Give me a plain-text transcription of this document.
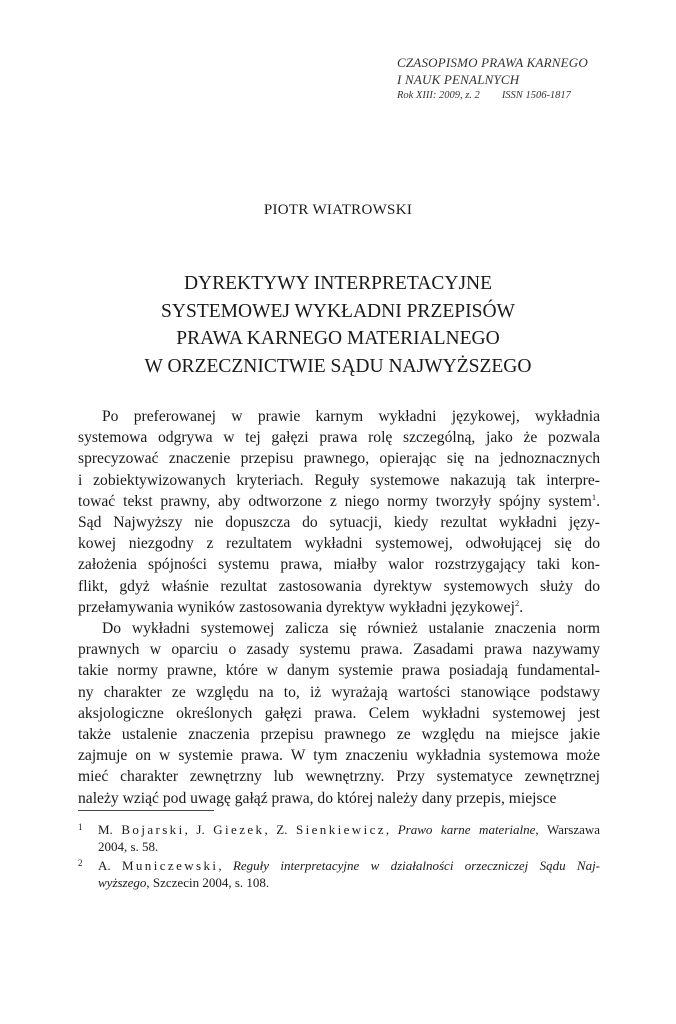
CZASOPISMO PRAWA KARNEGO
I NAUK PENALNYCH
Rok XIII: 2009, z. 2 ISSN 1506-1817
PIOTR WIATROWSKI
DYREKTYWY INTERPRETACYJNE
SYSTEMOWEJ WYKŁADNI PRZEPISÓW
PRAWA KARNEGO MATERIALNEGO
W ORZECZNICTWIE SĄDU NAJWYŻSZEGO

Po preferowanej w prawie karnym wykładni językowej, wykładnia
systemowa odgrywa w tej gałęzi prawa rolę szczególną, jako że pozwala
sprecyzować znaczenie przepisu prawnego, opierając się na jednoznacznych
i zobiektywizowanych kryteriach. Reguły systemowe nakazują tak interpre-
tować tekst prawny, aby odtworzone z niego normy tworzyły spójny system$^1$.
Sąd Najwyższy nie dopuszcza do sytuacji, kiedy rezultat wykładni języ-
kowej niezgodny z rezultatem wykładni systemowej, odwołującej się do
założenia spójności systemu prawa, miałby walor rozstrzygający taki kon-
flikt, gdyż właśnie rezultat zastosowania dyrektyw systemowych służy do
przełamywania wyników zastosowania dyrektyw wykładni językowej$^2$.

Do wykładni systemowej zalicza się również ustalanie znaczenia norm
prawnych w oparciu o zasady systemu prawa. Zasadami prawa nazywamy
takie normy prawne, które w danym systemie prawa posiadają fundamental-
ny charakter ze względu na to, iż wyrażają wartości stanowiące podstawy
aksjologiczne określonych gałęzi prawa. Celem wykładni systemowej jest
także ustalenie znaczenia przepisu prawnego ze względu na miejsce jakie
zajmuje on w systemie prawa. W tym znaczeniu wykładnia systemowa może
mieć charakter zewnętrzny lub wewnętrzny. Przy systematyce zewnętrznej
należy wziąć pod uwagę gałąź prawa, do której należy dany przepis, miejsce

1 M. Bojarski, J. Giezek, Z. Sienkiewicz, Prawo karne materialne, Warszawa
2004, s. 58.
2 A. Municzewski, Reguły interpretacyjne w działalności orzeczniczej Sądu Naj-
wyższego, Szczecin 2004, s. 108.
